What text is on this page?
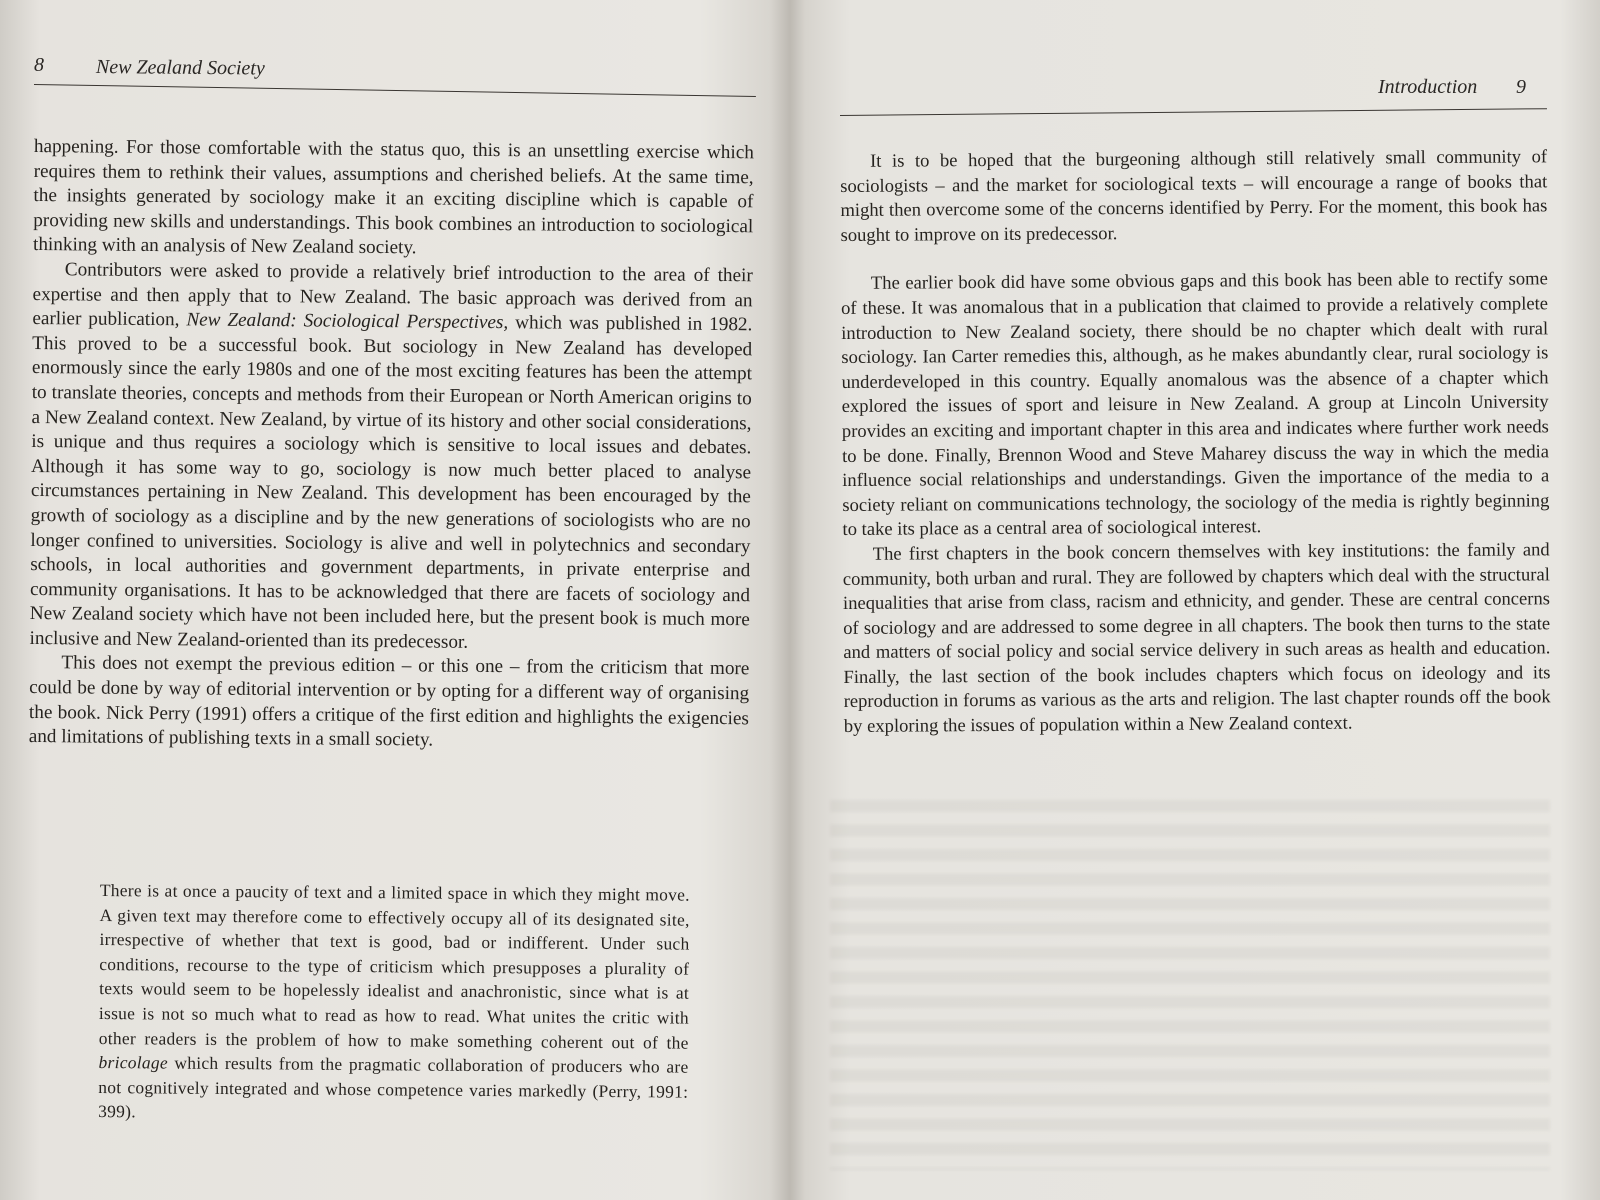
8	New Zealand Society

happening. For those comfortable with the status quo, this is an unsettling exercise which requires them to rethink their values, assumptions and cherished beliefs. At the same time, the insights generated by sociology make it an exciting discipline which is capable of providing new skills and understandings. This book combines an introduction to sociological thinking with an analysis of New Zealand society.

Contributors were asked to provide a relatively brief introduction to the area of their expertise and then apply that to New Zealand. The basic approach was derived from an earlier publication, New Zealand: Sociological Perspectives, which was published in 1982. This proved to be a successful book. But sociology in New Zealand has developed enormously since the early 1980s and one of the most exciting features has been the attempt to translate theories, concepts and methods from their European or North American origins to a New Zealand context. New Zealand, by virtue of its history and other social considerations, is unique and thus requires a sociology which is sensitive to local issues and debates. Although it has some way to go, sociology is now much better placed to analyse circumstances pertaining in New Zealand. This development has been encouraged by the growth of sociology as a discipline and by the new generations of sociologists who are no longer confined to universities. Sociology is alive and well in polytechnics and secondary schools, in local authorities and government departments, in private enterprise and community organisations. It has to be acknowledged that there are facets of sociology and New Zealand society which have not been included here, but the present book is much more inclusive and New Zealand-oriented than its predecessor.

This does not exempt the previous edition – or this one – from the criticism that more could be done by way of editorial intervention or by opting for a different way of organising the book. Nick Perry (1991) offers a critique of the first edition and highlights the exigencies and limitations of publishing texts in a small society.

There is at once a paucity of text and a limited space in which they might move. A given text may therefore come to effectively occupy all of its designated site, irrespective of whether that text is good, bad or indifferent. Under such conditions, recourse to the type of criticism which presupposes a plurality of texts would seem to be hopelessly idealist and anachronistic, since what is at issue is not so much what to read as how to read. What unites the critic with other readers is the problem of how to make something coherent out of the bricolage which results from the pragmatic collaboration of producers who are not cognitively integrated and whose competence varies markedly (Perry, 1991: 399).

Introduction 9

It is to be hoped that the burgeoning although still relatively small community of sociologists – and the market for sociological texts – will encourage a range of books that might then overcome some of the concerns identified by Perry. For the moment, this book has sought to improve on its predecessor.

The earlier book did have some obvious gaps and this book has been able to rectify some of these. It was anomalous that in a publication that claimed to provide a relatively complete introduction to New Zealand society, there should be no chapter which dealt with rural sociology. Ian Carter remedies this, although, as he makes abundantly clear, rural sociology is underdeveloped in this country. Equally anomalous was the absence of a chapter which explored the issues of sport and leisure in New Zealand. A group at Lincoln University provides an exciting and important chapter in this area and indicates where further work needs to be done. Finally, Brennon Wood and Steve Maharey discuss the way in which the media influence social relationships and understandings. Given the importance of the media to a society reliant on communications technology, the sociology of the media is rightly beginning to take its place as a central area of sociological interest.

The first chapters in the book concern themselves with key institutions: the family and community, both urban and rural. They are followed by chapters which deal with the structural inequalities that arise from class, racism and ethnicity, and gender. These are central concerns of sociology and are addressed to some degree in all chapters. The book then turns to the state and matters of social policy and social service delivery in such areas as health and education. Finally, the last section of the book includes chapters which focus on ideology and its reproduction in forums as various as the arts and religion. The last chapter rounds off the book by exploring the issues of population within a New Zealand context.
